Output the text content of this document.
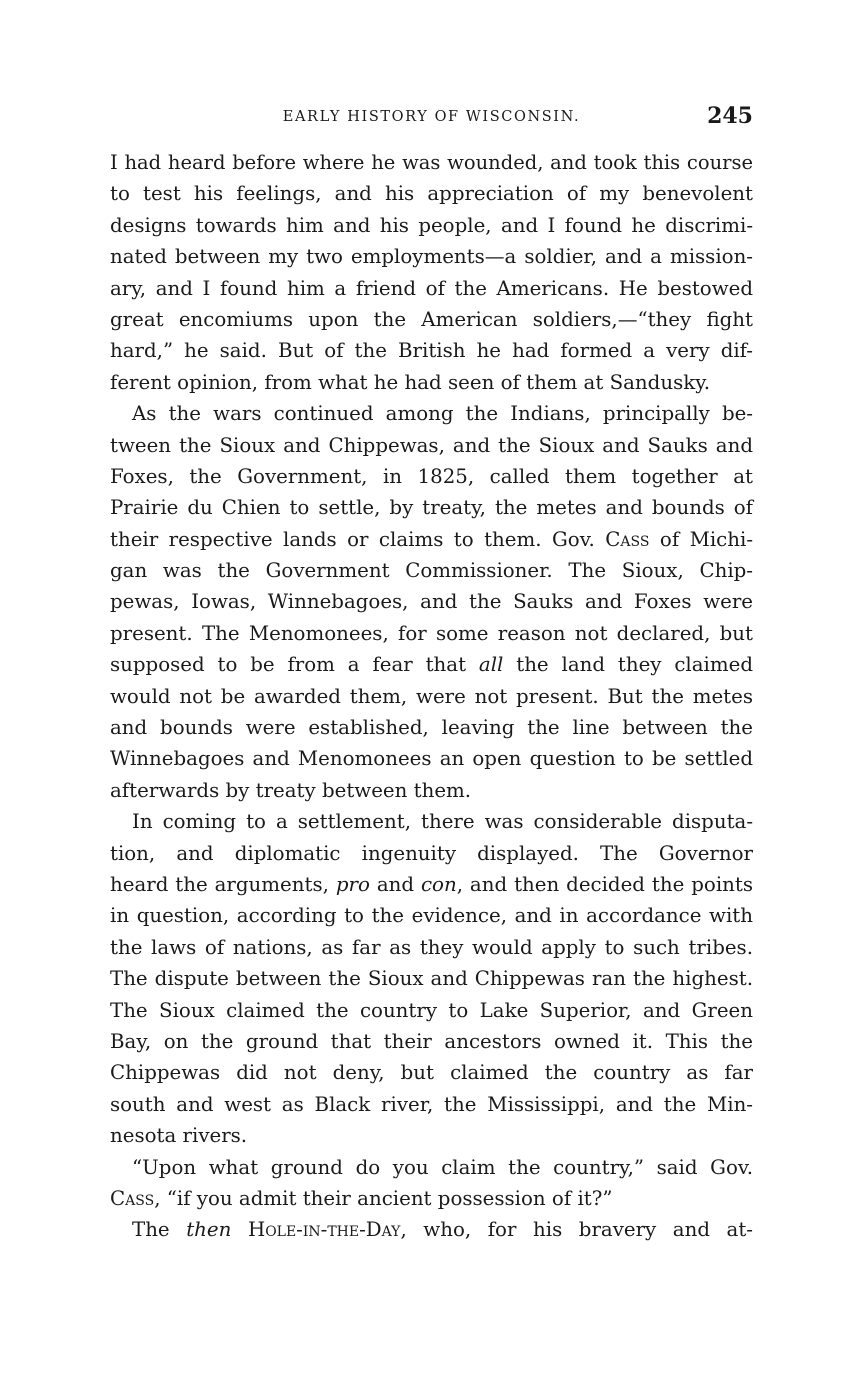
EARLY HISTORY OF WISCONSIN.	245
I had heard before where he was wounded, and took this course
to test his feelings, and his appreciation of my benevolent
designs towards him and his people, and I found he discrimi-
nated between my two employments—a soldier, and a mission-
ary, and I found him a friend of the Americans. He bestowed
great encomiums upon the American soldiers,—“they fight
hard,” he said. But of the British he had formed a very dif-
ferent opinion, from what he had seen of them at Sandusky.
As the wars continued among the Indians, principally be-
tween the Sioux and Chippewas, and the Sioux and Sauks and
Foxes, the Government, in 1825, called them together at
Prairie du Chien to settle, by treaty, the metes and bounds of
their respective lands or claims to them. Gov. Cass of Michi-
gan was the Government Commissioner. The Sioux, Chip-
pewas, Iowas, Winnebagoes, and the Sauks and Foxes were
present. The Menomonees, for some reason not declared, but
supposed to be from a fear that all the land they claimed
would not be awarded them, were not present. But the metes
and bounds were established, leaving the line between the
Winnebagoes and Menomonees an open question to be settled
afterwards by treaty between them.
In coming to a settlement, there was considerable disputa-
tion, and diplomatic ingenuity displayed. The Governor
heard the arguments, pro and con, and then decided the points
in question, according to the evidence, and in accordance with
the laws of nations, as far as they would apply to such tribes.
The dispute between the Sioux and Chippewas ran the highest.
The Sioux claimed the country to Lake Superior, and Green
Bay, on the ground that their ancestors owned it. This the
Chippewas did not deny, but claimed the country as far
south and west as Black river, the Mississippi, and the Min-
nesota rivers.
“Upon what ground do you claim the country,” said Gov.
Cass, “if you admit their ancient possession of it?”
The then Hole-in-the-Day, who, for his bravery and at-
